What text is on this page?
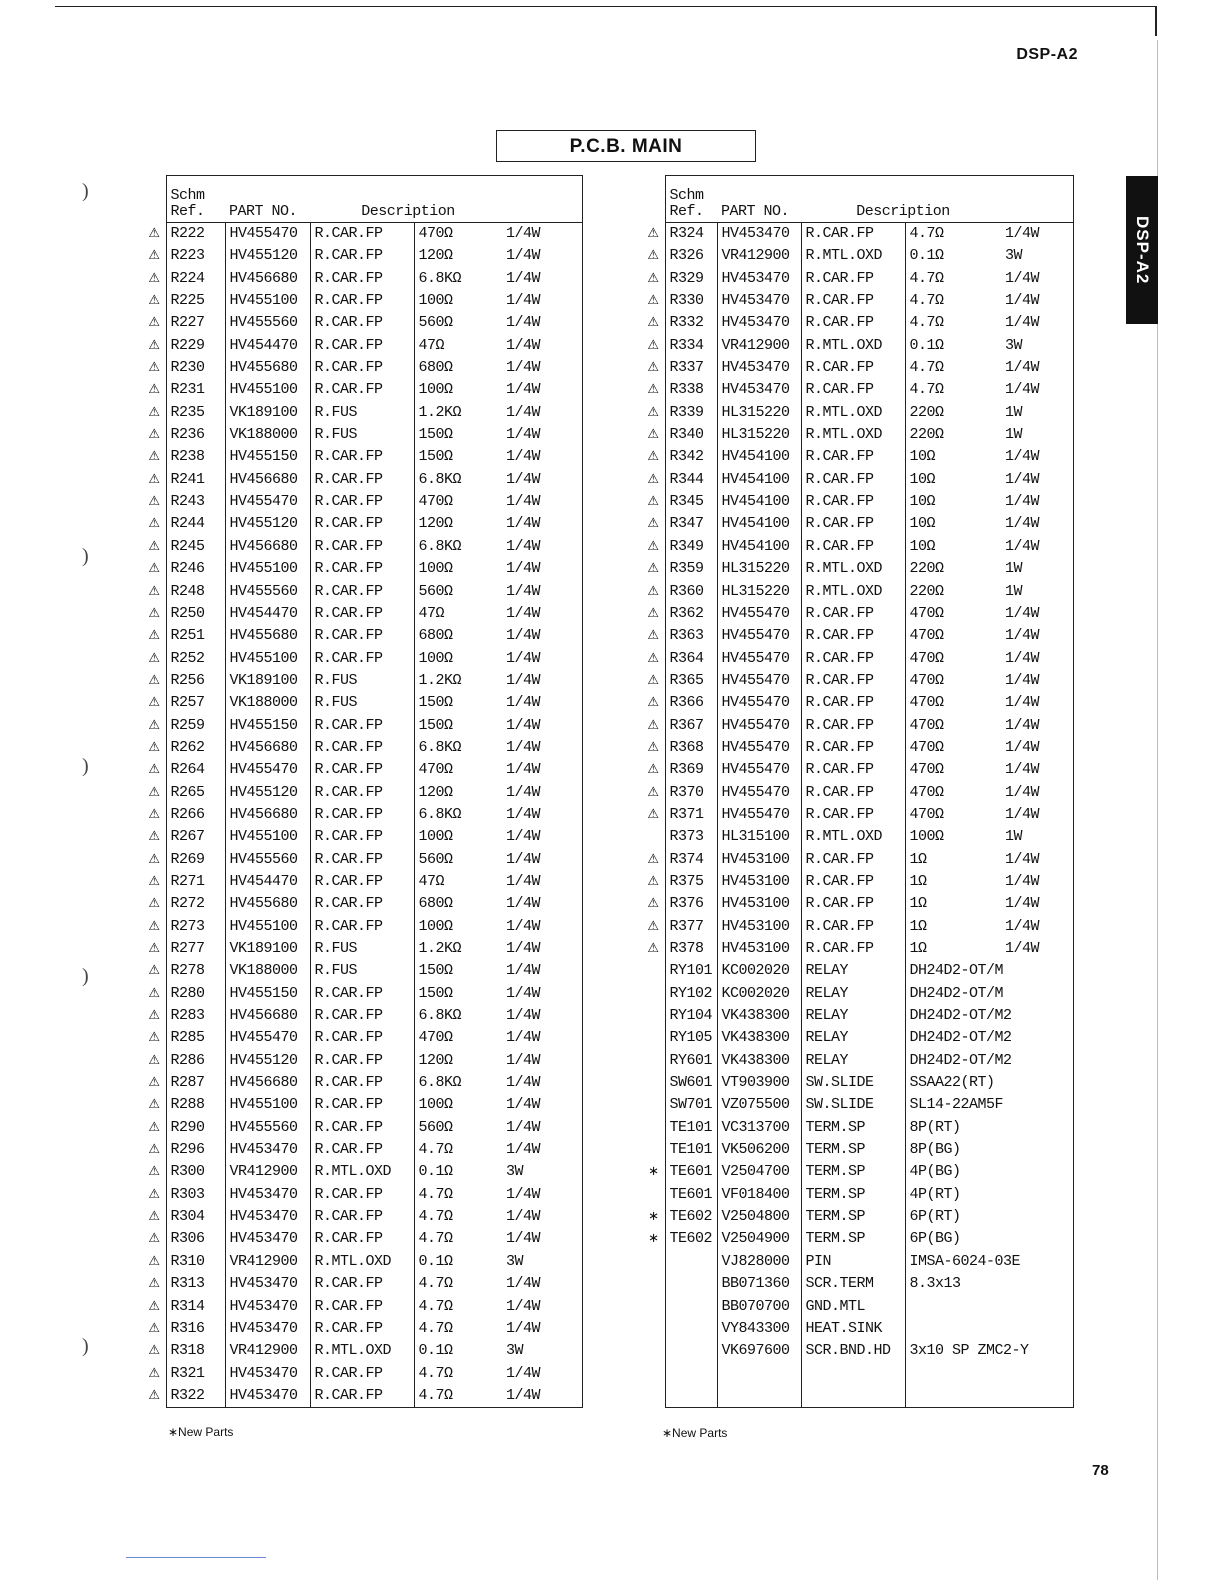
DSP-A2
DSP-A2
P.C.B. MAIN
)
)
)
)
)
	Schm
Ref.	PART NO.	Description		
⚠	R222	HV455470	R.CAR.FP	470Ω	1/4W
⚠	R223	HV455120	R.CAR.FP	120Ω	1/4W
⚠	R224	HV456680	R.CAR.FP	6.8KΩ	1/4W
⚠	R225	HV455100	R.CAR.FP	100Ω	1/4W
⚠	R227	HV455560	R.CAR.FP	560Ω	1/4W
⚠	R229	HV454470	R.CAR.FP	47Ω	1/4W
⚠	R230	HV455680	R.CAR.FP	680Ω	1/4W
⚠	R231	HV455100	R.CAR.FP	100Ω	1/4W
⚠	R235	VK189100	R.FUS	1.2KΩ	1/4W
⚠	R236	VK188000	R.FUS	150Ω	1/4W
⚠	R238	HV455150	R.CAR.FP	150Ω	1/4W
⚠	R241	HV456680	R.CAR.FP	6.8KΩ	1/4W
⚠	R243	HV455470	R.CAR.FP	470Ω	1/4W
⚠	R244	HV455120	R.CAR.FP	120Ω	1/4W
⚠	R245	HV456680	R.CAR.FP	6.8KΩ	1/4W
⚠	R246	HV455100	R.CAR.FP	100Ω	1/4W
⚠	R248	HV455560	R.CAR.FP	560Ω	1/4W
⚠	R250	HV454470	R.CAR.FP	47Ω	1/4W
⚠	R251	HV455680	R.CAR.FP	680Ω	1/4W
⚠	R252	HV455100	R.CAR.FP	100Ω	1/4W
⚠	R256	VK189100	R.FUS	1.2KΩ	1/4W
⚠	R257	VK188000	R.FUS	150Ω	1/4W
⚠	R259	HV455150	R.CAR.FP	150Ω	1/4W
⚠	R262	HV456680	R.CAR.FP	6.8KΩ	1/4W
⚠	R264	HV455470	R.CAR.FP	470Ω	1/4W
⚠	R265	HV455120	R.CAR.FP	120Ω	1/4W
⚠	R266	HV456680	R.CAR.FP	6.8KΩ	1/4W
⚠	R267	HV455100	R.CAR.FP	100Ω	1/4W
⚠	R269	HV455560	R.CAR.FP	560Ω	1/4W
⚠	R271	HV454470	R.CAR.FP	47Ω	1/4W
⚠	R272	HV455680	R.CAR.FP	680Ω	1/4W
⚠	R273	HV455100	R.CAR.FP	100Ω	1/4W
⚠	R277	VK189100	R.FUS	1.2KΩ	1/4W
⚠	R278	VK188000	R.FUS	150Ω	1/4W
⚠	R280	HV455150	R.CAR.FP	150Ω	1/4W
⚠	R283	HV456680	R.CAR.FP	6.8KΩ	1/4W
⚠	R285	HV455470	R.CAR.FP	470Ω	1/4W
⚠	R286	HV455120	R.CAR.FP	120Ω	1/4W
⚠	R287	HV456680	R.CAR.FP	6.8KΩ	1/4W
⚠	R288	HV455100	R.CAR.FP	100Ω	1/4W
⚠	R290	HV455560	R.CAR.FP	560Ω	1/4W
⚠	R296	HV453470	R.CAR.FP	4.7Ω	1/4W
⚠	R300	VR412900	R.MTL.OXD	0.1Ω	3W
⚠	R303	HV453470	R.CAR.FP	4.7Ω	1/4W
⚠	R304	HV453470	R.CAR.FP	4.7Ω	1/4W
⚠	R306	HV453470	R.CAR.FP	4.7Ω	1/4W
⚠	R310	VR412900	R.MTL.OXD	0.1Ω	3W
⚠	R313	HV453470	R.CAR.FP	4.7Ω	1/4W
⚠	R314	HV453470	R.CAR.FP	4.7Ω	1/4W
⚠	R316	HV453470	R.CAR.FP	4.7Ω	1/4W
⚠	R318	VR412900	R.MTL.OXD	0.1Ω	3W
⚠	R321	HV453470	R.CAR.FP	4.7Ω	1/4W
⚠	R322	HV453470	R.CAR.FP	4.7Ω	1/4W
	Schm
Ref.	PART NO.	Description		
⚠	R324	HV453470	R.CAR.FP	4.7Ω	1/4W
⚠	R326	VR412900	R.MTL.OXD	0.1Ω	3W
⚠	R329	HV453470	R.CAR.FP	4.7Ω	1/4W
⚠	R330	HV453470	R.CAR.FP	4.7Ω	1/4W
⚠	R332	HV453470	R.CAR.FP	4.7Ω	1/4W
⚠	R334	VR412900	R.MTL.OXD	0.1Ω	3W
⚠	R337	HV453470	R.CAR.FP	4.7Ω	1/4W
⚠	R338	HV453470	R.CAR.FP	4.7Ω	1/4W
⚠	R339	HL315220	R.MTL.OXD	220Ω	1W
⚠	R340	HL315220	R.MTL.OXD	220Ω	1W
⚠	R342	HV454100	R.CAR.FP	10Ω	1/4W
⚠	R344	HV454100	R.CAR.FP	10Ω	1/4W
⚠	R345	HV454100	R.CAR.FP	10Ω	1/4W
⚠	R347	HV454100	R.CAR.FP	10Ω	1/4W
⚠	R349	HV454100	R.CAR.FP	10Ω	1/4W
⚠	R359	HL315220	R.MTL.OXD	220Ω	1W
⚠	R360	HL315220	R.MTL.OXD	220Ω	1W
⚠	R362	HV455470	R.CAR.FP	470Ω	1/4W
⚠	R363	HV455470	R.CAR.FP	470Ω	1/4W
⚠	R364	HV455470	R.CAR.FP	470Ω	1/4W
⚠	R365	HV455470	R.CAR.FP	470Ω	1/4W
⚠	R366	HV455470	R.CAR.FP	470Ω	1/4W
⚠	R367	HV455470	R.CAR.FP	470Ω	1/4W
⚠	R368	HV455470	R.CAR.FP	470Ω	1/4W
⚠	R369	HV455470	R.CAR.FP	470Ω	1/4W
⚠	R370	HV455470	R.CAR.FP	470Ω	1/4W
⚠	R371	HV455470	R.CAR.FP	470Ω	1/4W
	R373	HL315100	R.MTL.OXD	100Ω	1W
⚠	R374	HV453100	R.CAR.FP	1Ω	1/4W
⚠	R375	HV453100	R.CAR.FP	1Ω	1/4W
⚠	R376	HV453100	R.CAR.FP	1Ω	1/4W
⚠	R377	HV453100	R.CAR.FP	1Ω	1/4W
⚠	R378	HV453100	R.CAR.FP	1Ω	1/4W
	RY101	KC002020	RELAY	DH24D2-OT/M	
	RY102	KC002020	RELAY	DH24D2-OT/M	
	RY104	VK438300	RELAY	DH24D2-OT/M2	
	RY105	VK438300	RELAY	DH24D2-OT/M2	
	RY601	VK438300	RELAY	DH24D2-OT/M2	
	SW601	VT903900	SW.SLIDE	SSAA22(RT)	
	SW701	VZ075500	SW.SLIDE	SL14-22AM5F	
	TE101	VC313700	TERM.SP	8P(RT)	
	TE101	VK506200	TERM.SP	8P(BG)	
∗	TE601	V2504700	TERM.SP	4P(BG)	
	TE601	VF018400	TERM.SP	4P(RT)	
∗	TE602	V2504800	TERM.SP	6P(RT)	
∗	TE602	V2504900	TERM.SP	6P(BG)	
		VJ828000	PIN	IMSA-6024-03E	
		BB071360	SCR.TERM	8.3x13	
		BB070700	GND.MTL		
		VY843300	HEAT.SINK		
		VK697600	SCR.BND.HD	3x10 SP ZMC2-Y	

∗New Parts	∗New Parts
78
